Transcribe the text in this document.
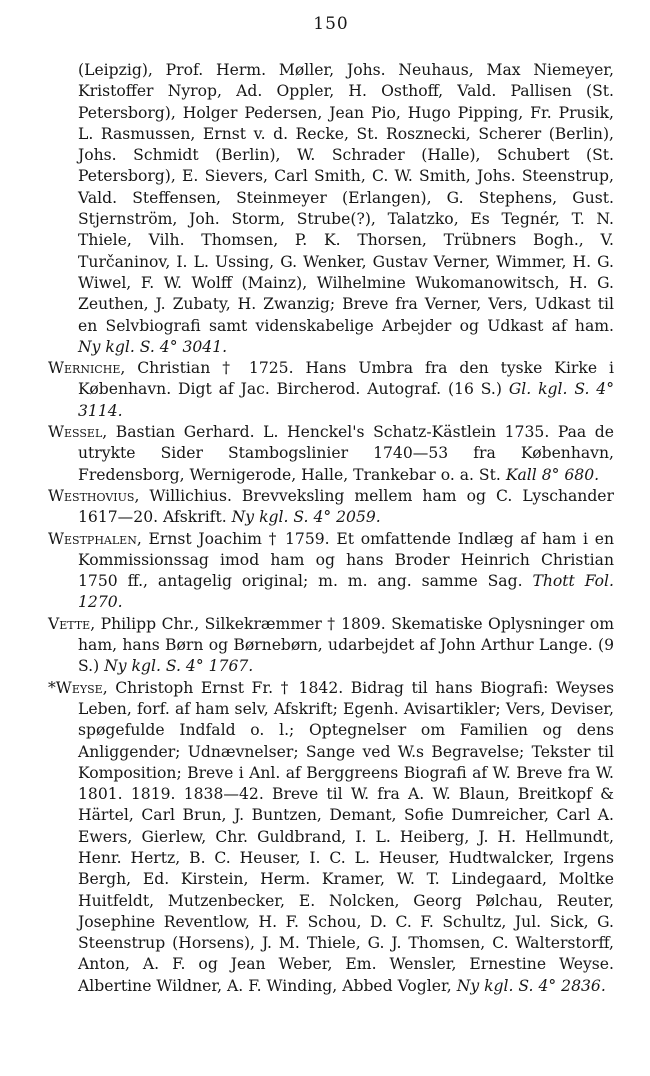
150
(Leipzig), Prof. Herm. Møller, Johs. Neuhaus, Max Niemeyer, Kristoffer Nyrop, Ad. Oppler, H. Osthoff, Vald. Pallisen (St. Petersborg), Holger Pedersen, Jean Pio, Hugo Pipping, Fr. Prusik, L. Rasmussen, Ernst v. d. Recke, St. Rosznecki, Scherer (Berlin), Johs. Schmidt (Berlin), W. Schrader (Halle), Schubert (St. Petersborg), E. Sievers, Carl Smith, C. W. Smith, Johs. Steenstrup, Vald. Steffensen, Steinmeyer (Erlangen), G. Stephens, Gust. Stjernström, Joh. Storm, Strube(?), Talatzko, Es Tegnér, T. N. Thiele, Vilh. Thomsen, P. K. Thorsen, Trübners Bogh., V. Turčaninov, I. L. Ussing, G. Wenker, Gustav Verner, Wimmer, H. G. Wiwel, F. W. Wolff (Mainz), Wilhelmine Wukomanowitsch, H. G. Zeuthen, J. Zubaty, H. Zwanzig; Breve fra Verner, Vers, Udkast til en Selvbiografi samt videnskabelige Arbejder og Udkast af ham. Ny kgl. S. 4° 3041.
Werniche, Christian † 1725. Hans Umbra fra den tyske Kirke i København. Digt af Jac. Bircherod. Autograf. (16 S.) Gl. kgl. S. 4° 3114.
Wessel, Bastian Gerhard. L. Henckel's Schatz-Kästlein 1735. Paa de utrykte Sider Stambogslinier 1740—53 fra København, Fredensborg, Wernigerode, Halle, Trankebar o. a. St. Kall 8° 680.
Westhovius, Willichius. Brevveksling mellem ham og C. Lyschander 1617—20. Afskrift. Ny kgl. S. 4° 2059.
Westphalen, Ernst Joachim † 1759. Et omfattende Indlæg af ham i en Kommissionssag imod ham og hans Broder Heinrich Christian 1750 ff., antagelig original; m. m. ang. samme Sag. Thott Fol. 1270.
Vette, Philipp Chr., Silkekræmmer † 1809. Skematiske Oplysninger om ham, hans Børn og Børnebørn, udarbejdet af John Arthur Lange. (9 S.) Ny kgl. S. 4° 1767.
*Weyse, Christoph Ernst Fr. † 1842. Bidrag til hans Biografi: Weyses Leben, forf. af ham selv, Afskrift; Egenh. Avisartikler; Vers, Deviser, spøgefulde Indfald o. l.; Optegnelser om Familien og dens Anliggender; Udnævnelser; Sange ved W.s Begravelse; Tekster til Komposition; Breve i Anl. af Berggreens Biografi af W. Breve fra W. 1801. 1819. 1838—42. Breve til W. fra A. W. Blaun, Breitkopf & Härtel, Carl Brun, J. Buntzen, Demant, Sofie Dumreicher, Carl A. Ewers, Gierlew, Chr. Guldbrand, I. L. Heiberg, J. H. Hellmundt, Henr. Hertz, B. C. Heuser, I. C. L. Heuser, Hudtwalcker, Irgens Bergh, Ed. Kirstein, Herm. Kramer, W. T. Lindegaard, Moltke Huitfeldt, Mutzenbecker, E. Nolcken, Georg Pølchau, Reuter, Josephine Reventlow, H. F. Schou, D. C. F. Schultz, Jul. Sick, G. Steenstrup (Horsens), J. M. Thiele, G. J. Thomsen, C. Walterstorff, Anton, A. F. og Jean Weber, Em. Wensler, Ernestine Weyse. Albertine Wildner, A. F. Winding, Abbed Vogler, Ny kgl. S. 4° 2836.
